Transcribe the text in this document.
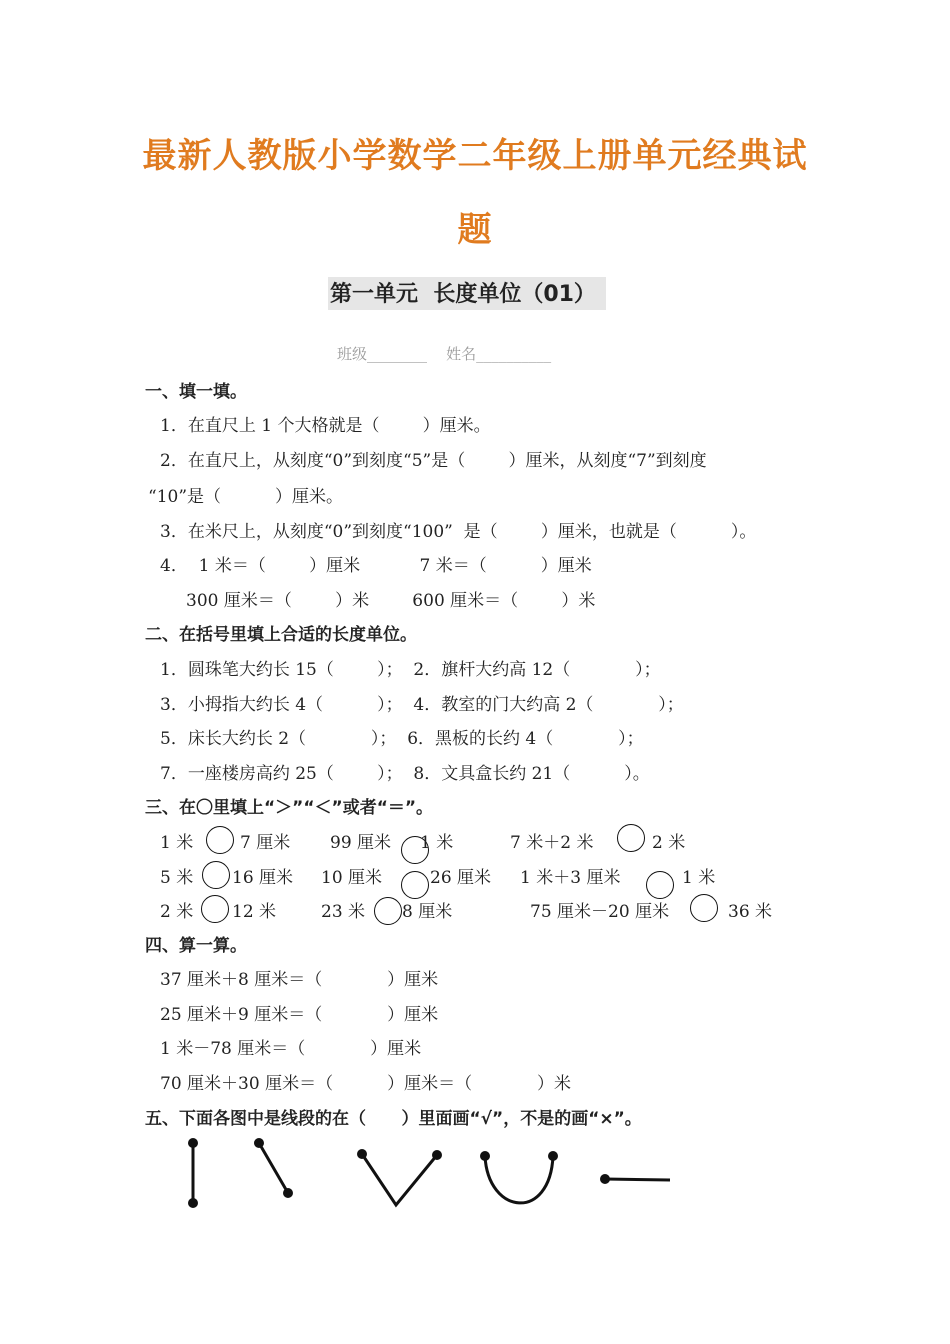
最新人教版小学数学二年级上册单元经典试
题
第一单元  长度单位（01）
班级________    姓名__________
一、填一填。
1．在直尺上 1 个大格就是（        ）厘米。
2．在直尺上，从刻度“0”到刻度“5”是（        ）厘米，从刻度“7”到刻度
“10”是（          ）厘米。
3．在米尺上，从刻度“0”到刻度“100”  是（        ）厘米，也就是（          ）。
4．  1 米＝（        ）厘米           7 米＝（          ）厘米
300 厘米＝（        ）米        600 厘米＝（        ）米
二、在括号里填上合适的长度单位。
1．圆珠笔大约长 15（        ）；  2．旗杆大约高 12（            ）；
3．小拇指大约长 4（          ）；  4．教室的门大约高 2（            ）；
5．床长大约长 2（            ）；  6．黑板的长约 4（            ）；
7．一座楼房高约 25（        ）；  8．文具盒长约 21（          ）。
三、在〇里填上“＞”“＜”或者“＝”。
1 米	7 厘米 99 厘米 1 米	7 米＋2 米	2 米
5 米 16 厘米 10 厘米	26 厘米 1 米＋3 厘米	1 米
2 米 12 米	23 米 8 厘米	75 厘米－20 厘米	36 米
四、算一算。
37 厘米＋8 厘米＝（            ）厘米
25 厘米＋9 厘米＝（            ）厘米
1 米－78 厘米＝（            ）厘米
70 厘米＋30 厘米＝（          ）厘米＝（            ）米
五、下面各图中是线段的在（      ）里面画“√”，不是的画“×”。
